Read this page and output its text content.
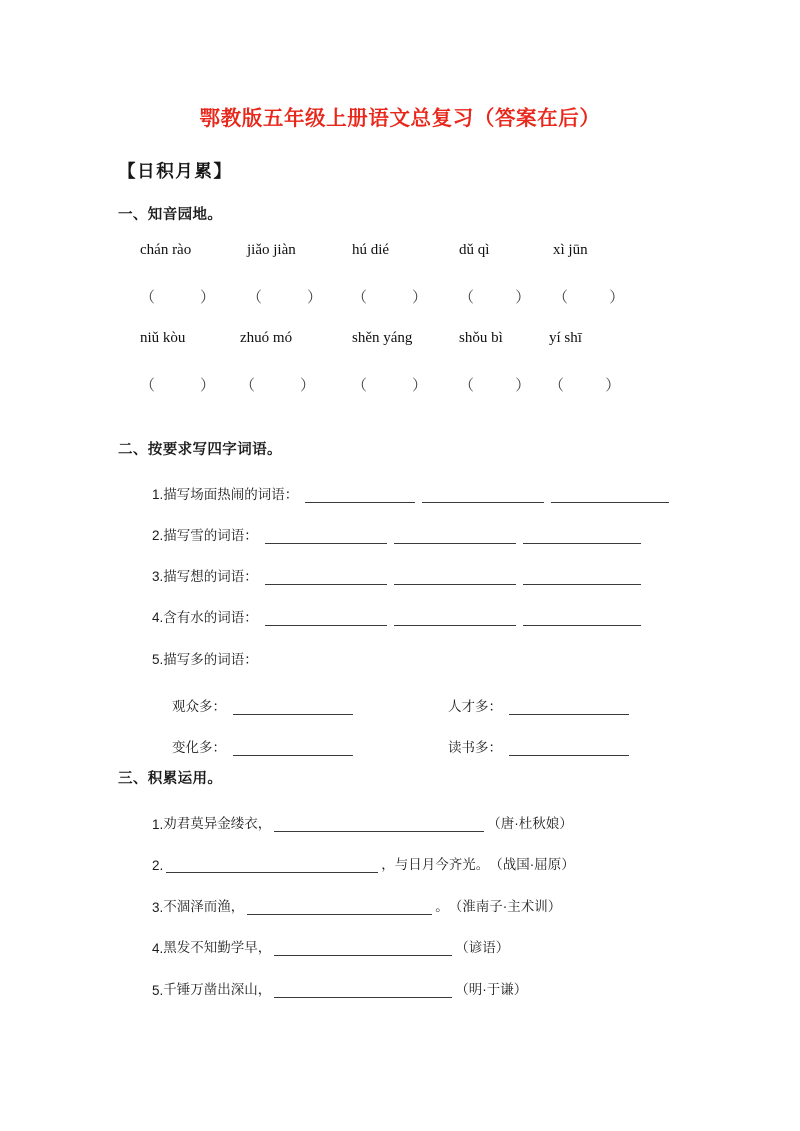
鄂教版五年级上册语文总复习（答案在后）
【日积月累】
一、知音园地。
chán rào	jiǎo jiàn	hú dié	dǔ qì	xì jūn
（            ）	（            ）	（            ）	（           ）	（           ）
niǔ kòu	zhuó mó	shěn yáng	shǒu bì	yí shī
（            ）	（            ）	（            ）	（           ）	（           ）
二、按要求写四字词语。
1.描写场面热闹的词语：
2.描写雪的词语：
3.描写想的词语：
4.含有水的词语：
5.描写多的词语：
观众多：	人才多：
变化多：	读书多：
三、积累运用。
1. 劝君莫异金缕衣，	（唐·杜秋娘）
2.	，与日月今齐光。 （战国·屈原）
3. 不涸泽而渔，	。 （淮南子·主术训）
4. 黑发不知勤学早，	（谚语）
5. 千锤万凿出深山，	（明·于谦）
